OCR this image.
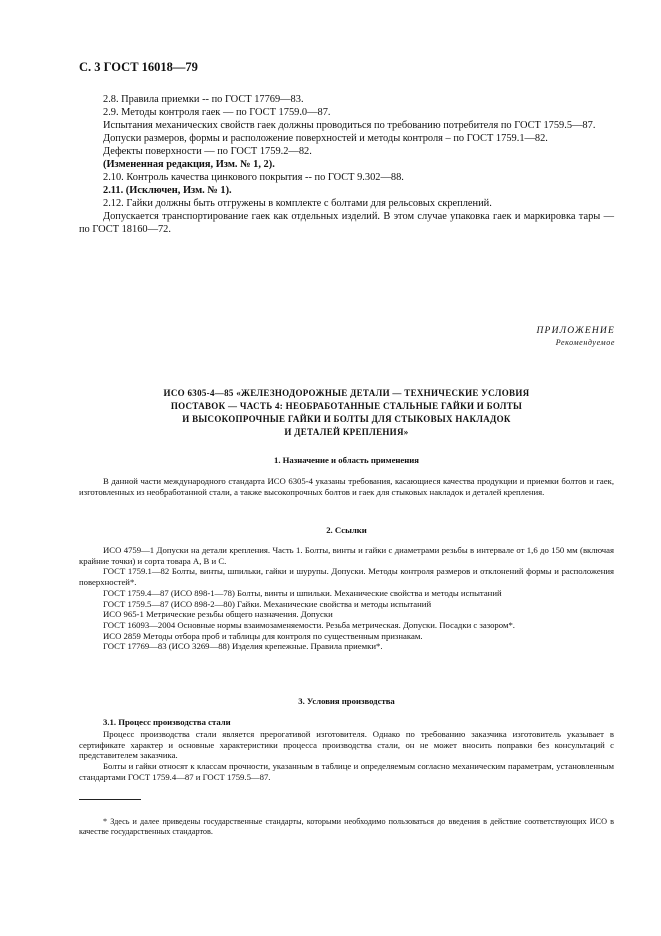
С. 3 ГОСТ 16018—79

2.8. Правила приемки -- по ГОСТ 17769—83.

2.9. Методы контроля гаек — по ГОСТ 1759.0—87.

Испытания механических свойств гаек должны проводиться по требованию потребителя по ГОСТ 1759.5—87.

Допуски размеров, формы и расположение поверхностей и методы контроля – по ГОСТ 1759.1—82.

Дефекты поверхности — по ГОСТ 1759.2—82.

(Измененная редакция, Изм. № 1, 2).

2.10. Контроль качества цинкового покрытия -- по ГОСТ 9.302—88.

2.11. (Исключен, Изм. № 1).

2.12. Гайки должны быть отгружены в комплекте с болтами для рельсовых скреплений.

Допускается транспортирование гаек как отдельных изделий. В этом случае упаковка гаек и маркировка тары — по ГОСТ 18160—72.

ПРИЛОЖЕНИЕ
Рекомендуемое
ИСО 6305-4—85 «ЖЕЛЕЗНОДОРОЖНЫЕ ДЕТАЛИ — ТЕХНИЧЕСКИЕ УСЛОВИЯ
ПОСТАВОК — ЧАСТЬ 4: НЕОБРАБОТАННЫЕ СТАЛЬНЫЕ ГАЙКИ И БОЛТЫ
И ВЫСОКОПРОЧНЫЕ ГАЙКИ И БОЛТЫ ДЛЯ СТЫКОВЫХ НАКЛАДОК
И ДЕТАЛЕЙ КРЕПЛЕНИЯ»
1. Назначение и область применения

В данной части международного стандарта ИСО 6305-4 указаны требования, касающиеся качества продукции и приемки болтов и гаек, изготовленных из необработанной стали, а также высокопрочных болтов и гаек для стыковых накладок и деталей крепления.

2. Ссылки

ИСО 4759—1 Допуски на детали крепления. Часть 1. Болты, винты и гайки с диаметрами резьбы в интервале от 1,6 до 150 мм (включая крайние точки) и сорта товара А, В и С.

ГОСТ 1759.1—82 Болты, винты, шпильки, гайки и шурупы. Допуски. Методы контроля размеров и отклонений формы и расположения поверхностей*.

ГОСТ 1759.4—87 (ИСО 898-1—78) Болты, винты и шпильки. Механические свойства и методы испытаний

ГОСТ 1759.5—87 (ИСО 898-2—80) Гайки. Механические свойства и методы испытаний

ИСО 965-1 Метрические резьбы общего назначения. Допуски

ГОСТ 16093—2004 Основные нормы взаимозаменяемости. Резьба метрическая. Допуски. Посадки с зазором*.

ИСО 2859 Методы отбора проб и таблицы для контроля по существенным признакам.

ГОСТ 17769—83 (ИСО 3269—88) Изделия крепежные. Правила приемки*.

3. Условия производства
3.1. Процесс производства стали

Процесс производства стали является прерогативой изготовителя. Однако по требованию заказчика изготовитель указывает в сертификате характер и основные характеристики процесса производства стали, он не может вносить поправки без консультаций с представителем заказчика.

Болты и гайки относят к классам прочности, указанным в таблице и определяемым согласно механическим параметрам, установленным стандартами ГОСТ 1759.4—87 и ГОСТ 1759.5—87.

* Здесь и далее приведены государственные стандарты, которыми необходимо пользоваться до введения в действие соответствующих ИСО в качестве государственных стандартов.
